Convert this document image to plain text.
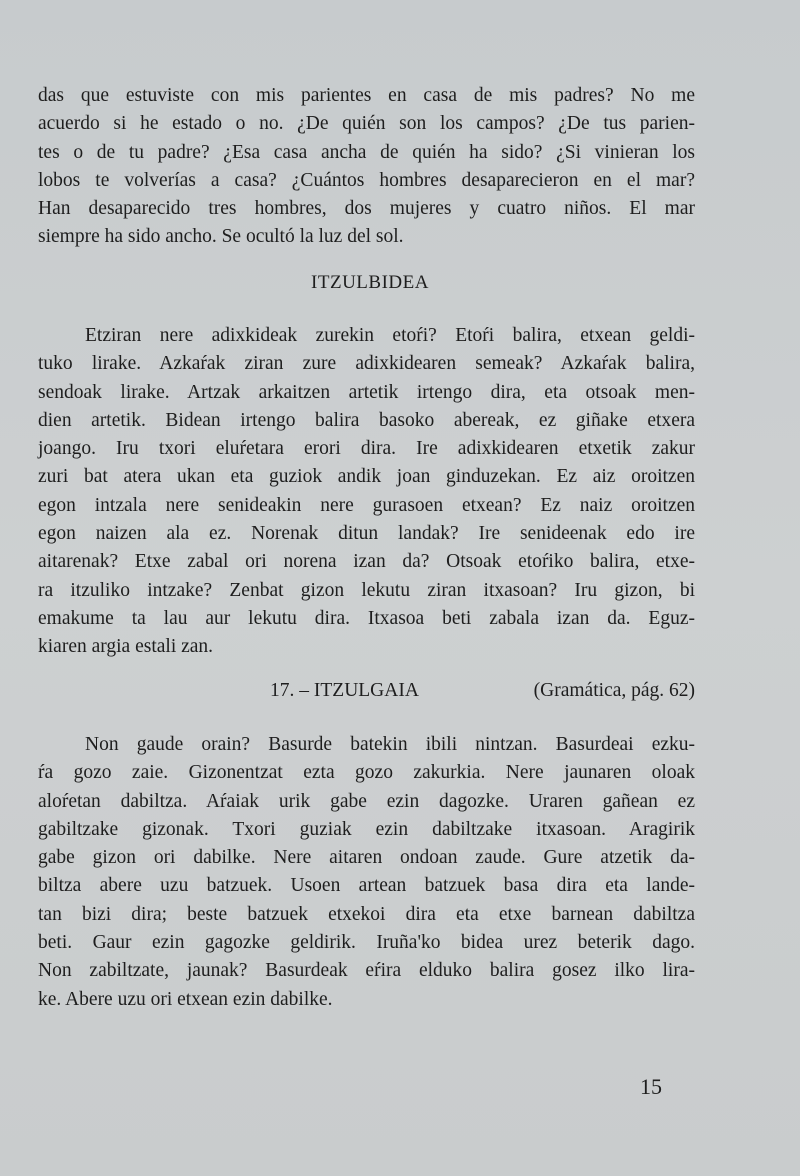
das que estuviste con mis parientes en casa de mis padres? No me
acuerdo si he estado o no. ¿De quién son los campos? ¿De tus parien-
tes o de tu padre? ¿Esa casa ancha de quién ha sido? ¿Si vinieran los
lobos te volverías a casa? ¿Cuántos hombres desaparecieron en el mar?
Han desaparecido tres hombres, dos mujeres y cuatro niños. El mar
siempre ha sido ancho. Se ocultó la luz del sol.
ITZULBIDEA
Etziran nere adixkideak zurekin etoŕi? Etoŕi balira, etxean geldi-
tuko lirake. Azkaŕak ziran zure adixkidearen semeak? Azkaŕak balira,
sendoak lirake. Artzak arkaitzen artetik irtengo dira, eta otsoak men-
dien artetik. Bidean irtengo balira basoko abereak, ez giñake etxera
joango. Iru txori eluŕetara erori dira. Ire adixkidearen etxetik zakur
zuri bat atera ukan eta guziok andik joan ginduzekan. Ez aiz oroitzen
egon intzala nere senideakin nere gurasoen etxean? Ez naiz oroitzen
egon naizen ala ez. Norenak ditun landak? Ire senideenak edo ire
aitarenak? Etxe zabal ori norena izan da? Otsoak etoŕiko balira, etxe-
ra itzuliko intzake? Zenbat gizon lekutu ziran itxasoan? Iru gizon, bi
emakume ta lau aur lekutu dira. Itxasoa beti zabala izan da. Eguz-
kiaren argia estali zan.
17. – ITZULGAIA	(Gramática, pág. 62)
Non gaude orain? Basurde batekin ibili nintzan. Basurdeai ezku-
ŕa gozo zaie. Gizonentzat ezta gozo zakurkia. Nere jaunaren oloak
aloŕetan dabiltza. Aŕaiak urik gabe ezin dagozke. Uraren gañean ez
gabiltzake gizonak. Txori guziak ezin dabiltzake itxasoan. Aragirik
gabe gizon ori dabilke. Nere aitaren ondoan zaude. Gure atzetik da-
biltza abere uzu batzuek. Usoen artean batzuek basa dira eta lande-
tan bizi dira; beste batzuek etxekoi dira eta etxe barnean dabiltza
beti. Gaur ezin gagozke geldirik. Iruña'ko bidea urez beterik dago.
Non zabiltzate, jaunak? Basurdeak eŕira elduko balira gosez ilko lira-
ke. Abere uzu ori etxean ezin dabilke.
15
